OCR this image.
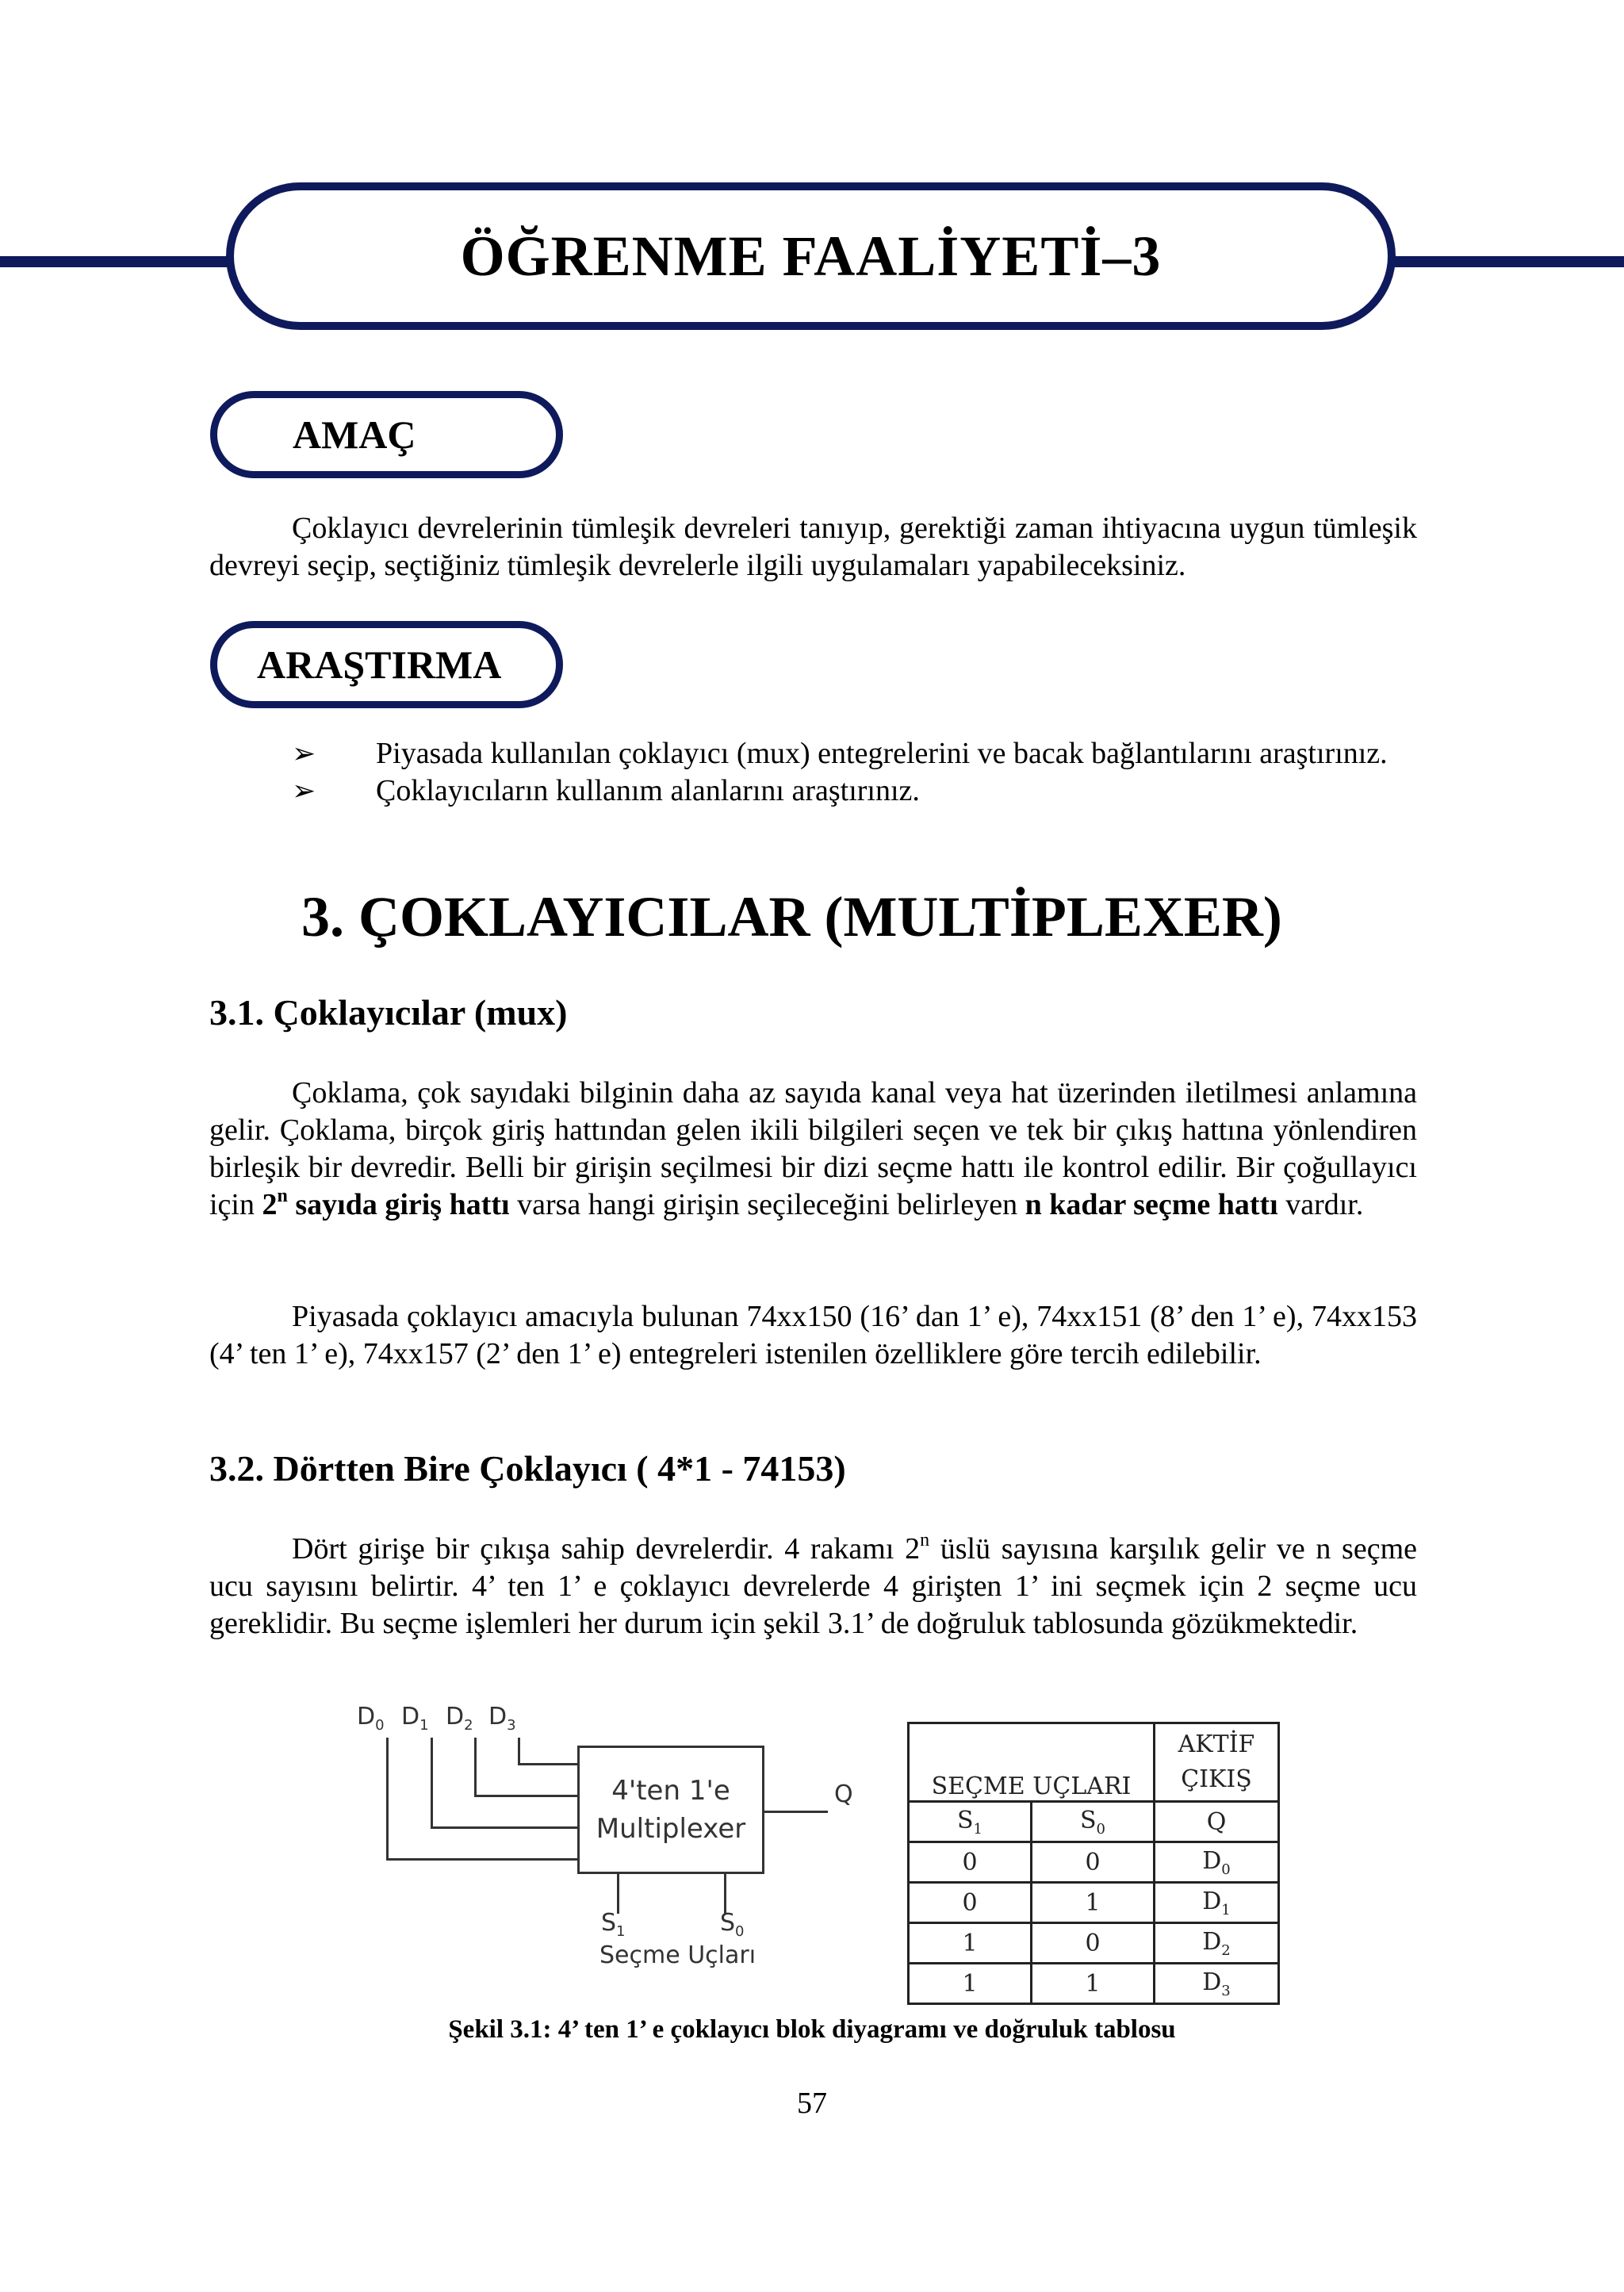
ÖĞRENME FAALİYETİ–3
AMAÇ
Çoklayıcı devrelerinin tümleşik devreleri tanıyıp, gerektiği zaman ihtiyacına uygun tümleşik devreyi seçip, seçtiğiniz tümleşik devrelerle ilgili uygulamaları yapabileceksiniz.
ARAŞTIRMA
➢	Piyasada kullanılan çoklayıcı (mux) entegrelerini ve bacak bağlantılarını araştırınız.
➢	Çoklayıcıların kullanım alanlarını araştırınız.
3. ÇOKLAYICILAR (MULTİPLEXER)
3.1. Çoklayıcılar (mux)
Çoklama, çok sayıdaki bilginin daha az sayıda kanal veya hat üzerinden iletilmesi anlamına gelir. Çoklama, birçok giriş hattından gelen ikili bilgileri seçen ve tek bir çıkış hattına yönlendiren birleşik bir devredir. Belli bir girişin seçilmesi bir dizi seçme hattı ile kontrol edilir. Bir çoğullayıcı için 2$^n$ sayıda giriş hattı varsa hangi girişin seçileceğini belirleyen n kadar seçme hattı vardır.
Piyasada çoklayıcı amacıyla bulunan 74xx150 (16’ dan 1’ e), 74xx151 (8’ den 1’ e), 74xx153 (4’ ten 1’ e), 74xx157 (2’ den 1’ e) entegreleri istenilen özelliklere göre tercih edilebilir.
3.2. Dörtten Bire Çoklayıcı ( 4*1 - 74153)
Dört girişe bir çıkışa sahip devrelerdir. 4 rakamı 2$^n$ üslü sayısına karşılık gelir ve n seçme ucu sayısını belirtir. 4’ ten 1’ e çoklayıcı devrelerde 4 girişten 1’ ini seçmek için 2 seçme ucu gereklidir. Bu seçme işlemleri her durum için şekil 3.1’ de doğruluk tablosunda gözükmektedir.
$D_0$ $D_1$ $D_2$ $D_3$
4'ten 1'e
Multiplexer
Q
$S_1$	$S_0$
Seçme Uçları
SEÇME UÇLARI		AKTİF
ÇIKIŞ
$S_1$	$S_0$	Q
0	0	$D_0$
0	1	$D_1$
1	0	$D_2$
1	1	$D_3$
Şekil 3.1: 4’ ten 1’ e çoklayıcı blok diyagramı ve doğruluk tablosu
57
